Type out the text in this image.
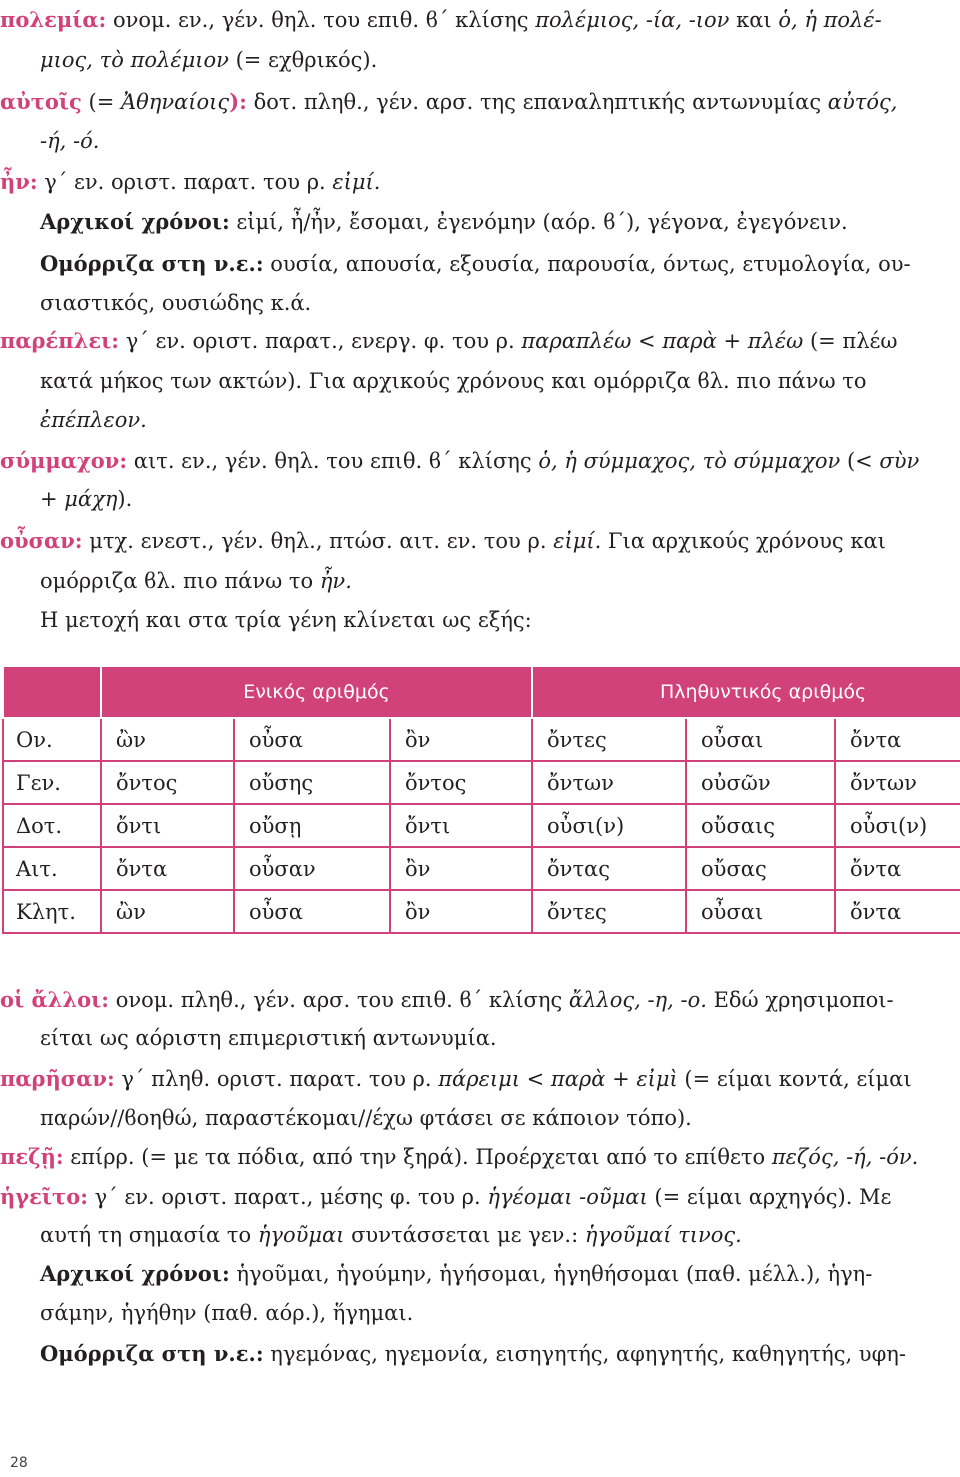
πολεμία: ονομ. εν., γέν. θηλ. του επιθ. ϐ΄ κλίσης πολέμιος, -ία, -ιον και ὁ, ἡ πολέ-
μιος, τὸ πολέμιον (= εχθρικός).
αὐτοῖς (= Ἀθηναίοις): δοτ. πληθ., γέν. αρσ. της επαναληπτικής αντωνυμίας αὐτός,
-ή, -ό.
ἦν: γ΄ εν. οριστ. παρατ. του ρ. εἰμί.
Αρχικοί χρόνοι: εἰμί, ἦ/ἦν, ἔσομαι, ἐγενόμην (αόρ. ϐ΄), γέγονα, ἐγεγόνειν.
Ομόρριζα στη ν.ε.: ουσία, απουσία, εξουσία, παρουσία, όντως, ετυμολογία, ου-
σιαστικός, ουσιώδης κ.ά.
παρέπλει: γ΄ εν. οριστ. παρατ., ενεργ. φ. του ρ. παραπλέω < παρὰ + πλέω (= πλέω
κατά μήκος των ακτών). Για αρχικούς χρόνους και ομόρριζα ϐλ. πιο πάνω το
ἐπέπλεον.
σύμμαχον: αιτ. εν., γέν. θηλ. του επιθ. ϐ΄ κλίσης ὁ, ἡ σύμμαχος, τὸ σύμμαχον (< σὺν
+ μάχη).
οὖσαν: μτχ. ενεστ., γέν. θηλ., πτώσ. αιτ. εν. του ρ. εἰμί. Για αρχικούς χρόνους και
ομόρριζα ϐλ. πιο πάνω το ἦν.
Η μετοχή και στα τρία γένη κλίνεται ως εξής:
	Ενικός αριθμός			Πληθυντικός αριθμός		
Ον.	ὢν	οὖσα	ὂν	ὄντες	οὖσαι	ὄντα
Γεν.	ὄντος	οὔσης	ὄντος	ὄντων	οὐσῶν	ὄντων
Δοτ.	ὄντι	οὔσῃ	ὄντι	οὖσι(ν)	οὔσαις	οὖσι(ν)
Αιτ.	ὄντα	οὖσαν	ὂν	ὄντας	οὔσας	ὄντα
Κλητ.	ὢν	οὖσα	ὂν	ὄντες	οὖσαι	ὄντα
οἱ ἄλλοι: ονομ. πληθ., γέν. αρσ. του επιθ. ϐ΄ κλίσης ἄλλος, -η, -ο. Εδώ χρησιμοποι-
είται ως αόριστη επιμεριστική αντωνυμία.
παρῆσαν: γ΄ πληθ. οριστ. παρατ. του ρ. πάρειμι < παρὰ + εἰμὶ (= είμαι κοντά, είμαι
παρών//ϐοηθώ, παραστέκομαι//έχω φτάσει σε κάποιον τόπο).
πεζῇ: επίρρ. (= με τα πόδια, από την ξηρά). Προέρχεται από το επίθετο πεζός, -ή, -όν.
ἡγεῖτο: γ΄ εν. οριστ. παρατ., μέσης φ. του ρ. ἡγέομαι -οῦμαι (= είμαι αρχηγός). Με
αυτή τη σημασία το ἡγοῦμαι συντάσσεται με γεν.: ἡγοῦμαί τινος.
Αρχικοί χρόνοι: ἡγοῦμαι, ἡγούμην, ἡγήσομαι, ἡγηθήσομαι (παθ. μέλλ.), ἡγη-
σάμην, ἡγήθην (παθ. αόρ.), ἥγημαι.
Ομόρριζα στη ν.ε.: ηγεμόνας, ηγεμονία, εισηγητής, αφηγητής, καθηγητής, υφη-
28
